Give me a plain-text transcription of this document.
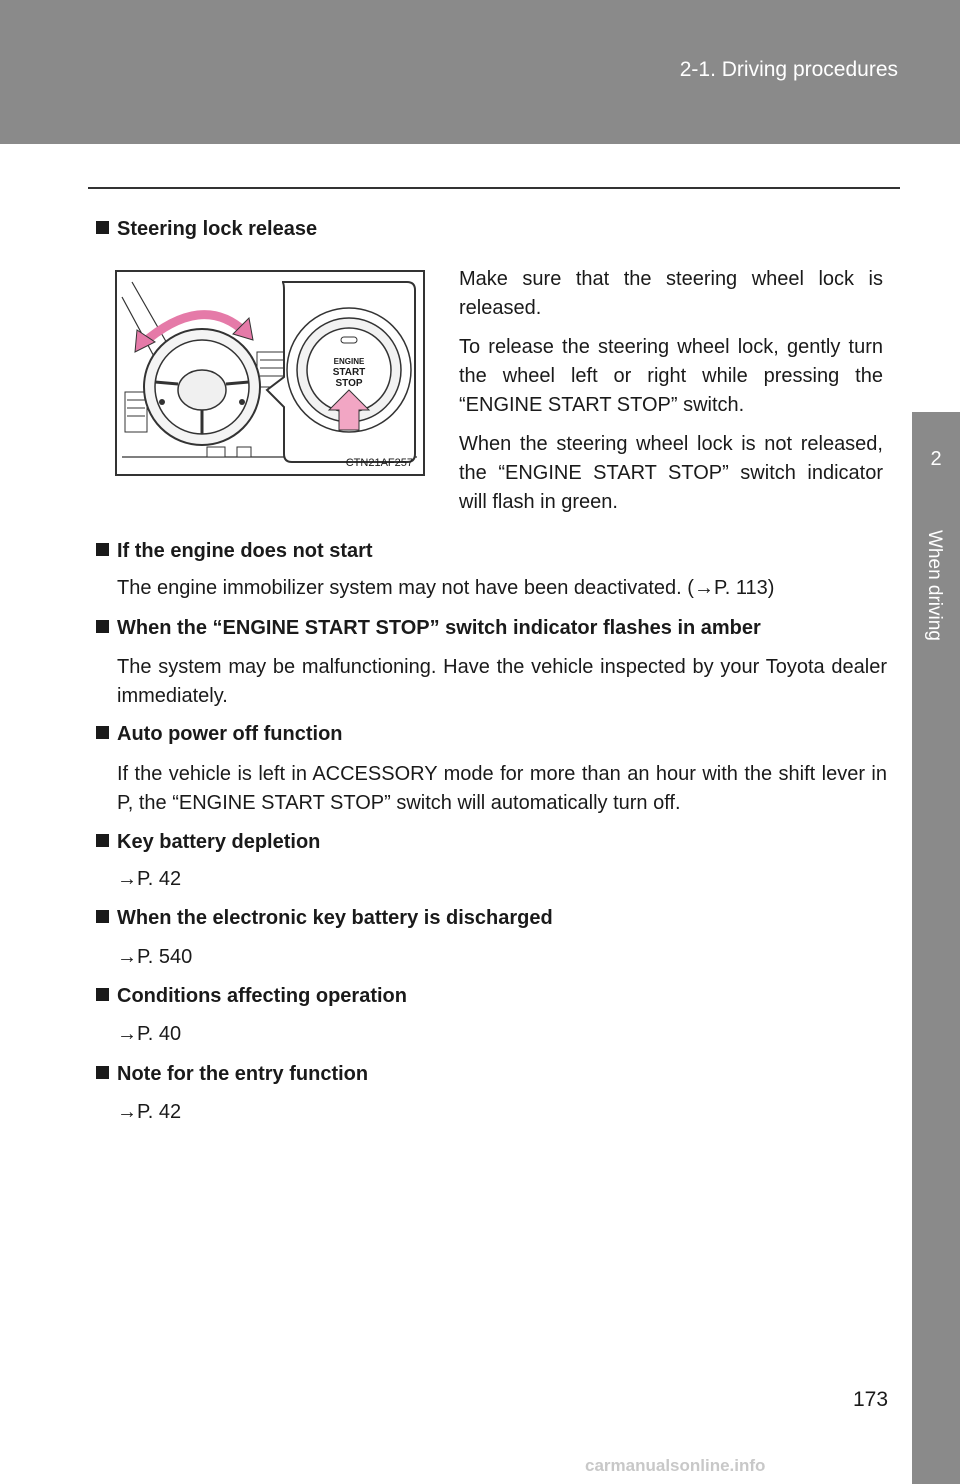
2-1. Driving procedures
2
When driving
Steering lock release
ENGINE
START
STOP
CTN21AF257
Make sure that the steering wheel lock is released.
To release the steering wheel lock, gently turn the wheel left or right while pressing the “ENGINE START STOP” switch.
When the steering wheel lock is not released, the “ENGINE START STOP” switch indicator will flash in green.
If the engine does not start
The engine immobilizer system may not have been deactivated. (→P. 113)
When the “ENGINE START STOP” switch indicator flashes in amber
The system may be malfunctioning. Have the vehicle inspected by your Toyota dealer immediately.
Auto power off function
If the vehicle is left in ACCESSORY mode for more than an hour with the shift lever in P, the “ENGINE START STOP” switch will automatically turn off.
Key battery depletion
→P. 42
When the electronic key battery is discharged
→P. 540
Conditions affecting operation
→P. 40
Note for the entry function
→P. 42
173
carmanualsonline.info
